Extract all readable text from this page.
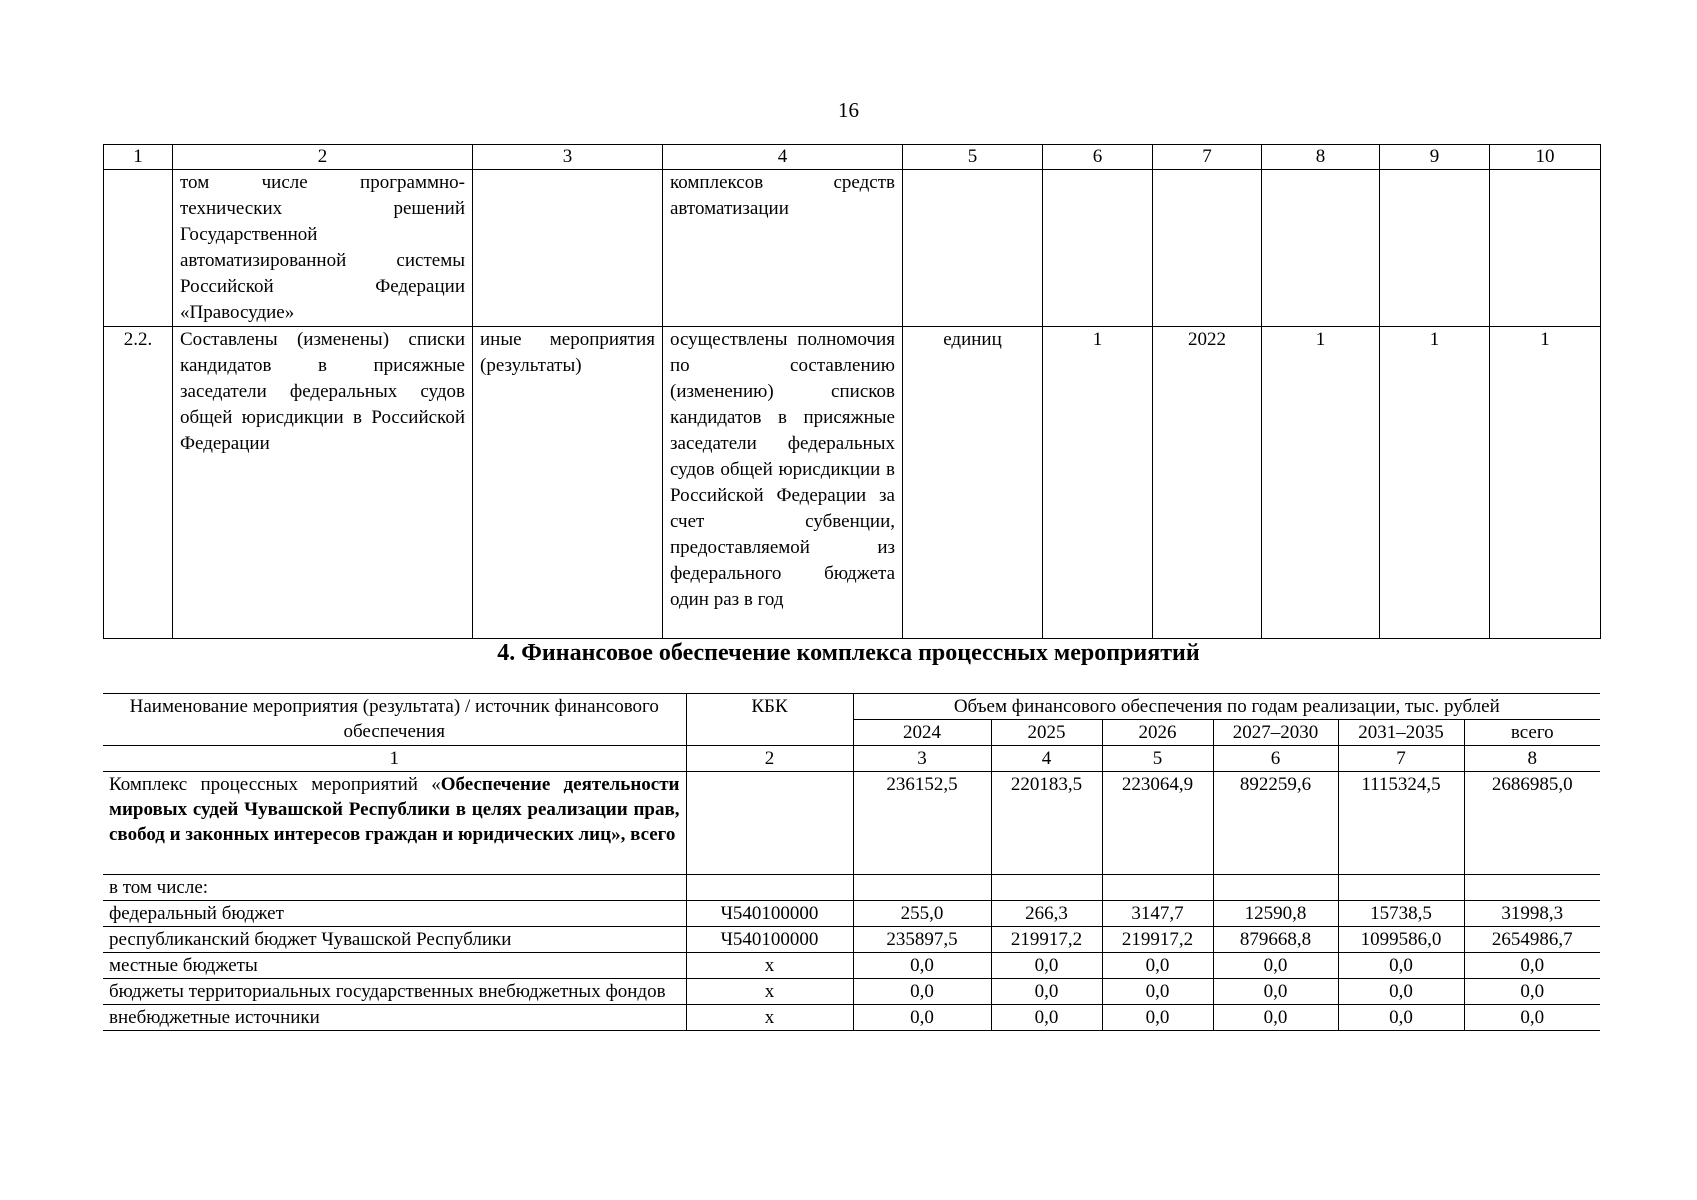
16
1	2	3	4	5	6	7	8	9	10
	том числе программно-технических решений Государственной автоматизированной системы Российской Федерации «Правосудие»		комплексов средств автоматизации						
2.2.	Составлены (изменены) списки кандидатов в присяжные заседатели федеральных судов общей юрисдикции в Российской Федерации	иные мероприятия (результаты)	осуществлены полномочия по составлению (изменению) списков кандидатов в присяжные заседатели федеральных судов общей юрисдикции в Российской Федерации за счет субвенции, предоставляемой из федерального бюджета один раз в год	единиц	1	2022	1	1	1
4. Финансовое обеспечение комплекса процессных мероприятий
Наименование мероприятия (результата) / источник финансового обеспечения	КБК	Объем финансового обеспечения по годам реализации, тыс. рублей					
		2024	2025	2026	2027–2030	2031–2035	всего
1	2	3	4	5	6	7	8
Комплекс процессных мероприятий «Обеспечение деятельности мировых судей Чувашской Республики в целях реализации прав, свобод и законных интересов граждан и юридических лиц», всего		236152,5	220183,5	223064,9	892259,6	1115324,5	2686985,0
в том числе:							
федеральный бюджет	Ч540100000	255,0	266,3	3147,7	12590,8	15738,5	31998,3
республиканский бюджет Чувашской Республики	Ч540100000	235897,5	219917,2	219917,2	879668,8	1099586,0	2654986,7
местные бюджеты	x	0,0	0,0	0,0	0,0	0,0	0,0
бюджеты территориальных государственных внебюджетных фондов	x	0,0	0,0	0,0	0,0	0,0	0,0
внебюджетные источники	x	0,0	0,0	0,0	0,0	0,0	0,0
